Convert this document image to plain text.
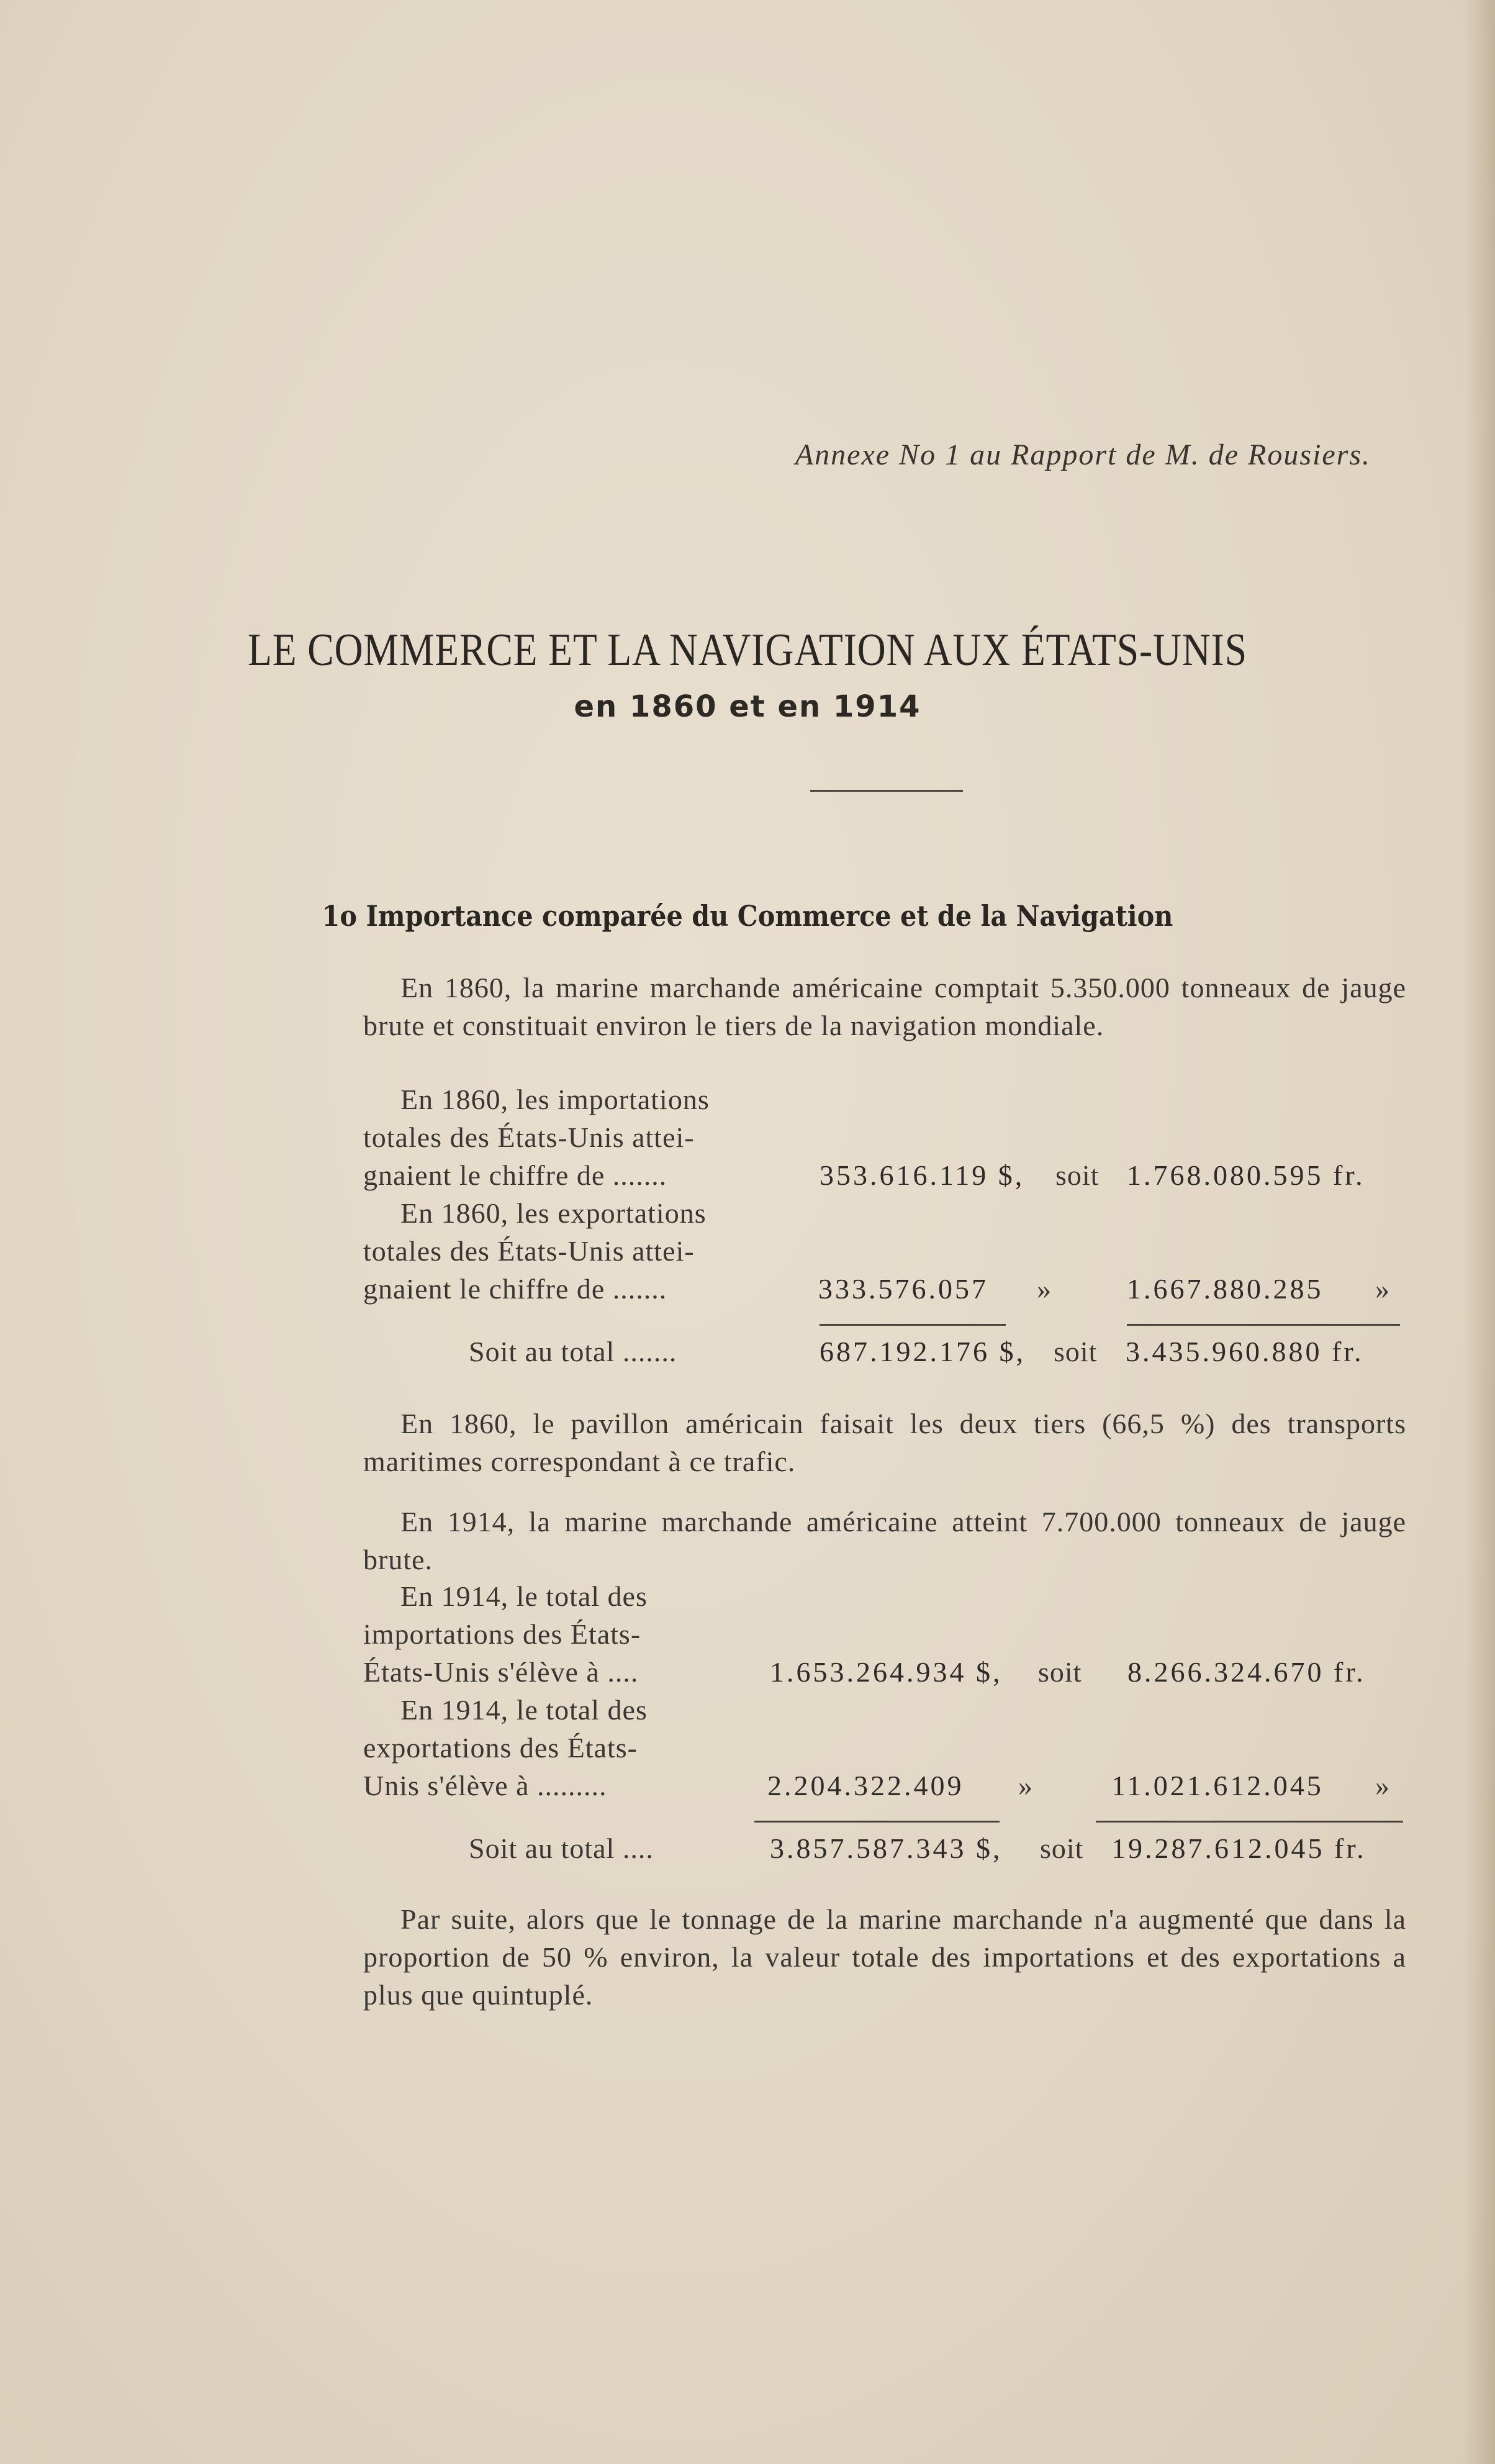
Annexe No 1 au Rapport de M. de Rousiers.
LE COMMERCE ET LA NAVIGATION AUX ÉTATS-UNIS
en 1860 et en 1914
1o Importance comparée du Commerce et de la Navigation
En 1860, la marine marchande américaine comptait 5.350.000 tonneaux de jauge brute et constituait environ le tiers de la navigation mondiale.
En 1860, les importations
totales des États-Unis attei-
gnaient le chiffre de .......	353.616.119 $, soit 1.768.080.595 fr.
En 1860, les exportations
totales des États-Unis attei-
gnaient le chiffre de .......	333.576.057 »	1.667.880.285 »
Soit au total .......	687.192.176 $, soit 3.435.960.880 fr.
En 1860, le pavillon américain faisait les deux tiers (66,5 %) des transports maritimes correspondant à ce trafic.
En 1914, la marine marchande américaine atteint 7.700.000 tonneaux de jauge brute.
En 1914, le total des
importations des États-
États-Unis s'élève à ....	1.653.264.934 $, soit 8.266.324.670 fr.
En 1914, le total des
exportations des États-
Unis s'élève à .........	2.204.322.409 »	11.021.612.045 »
Soit au total ....	3.857.587.343 $, soit 19.287.612.045 fr.
Par suite, alors que le tonnage de la marine marchande n'a augmenté que dans la proportion de 50 % environ, la valeur totale des importations et des exportations a plus que quintuplé.
